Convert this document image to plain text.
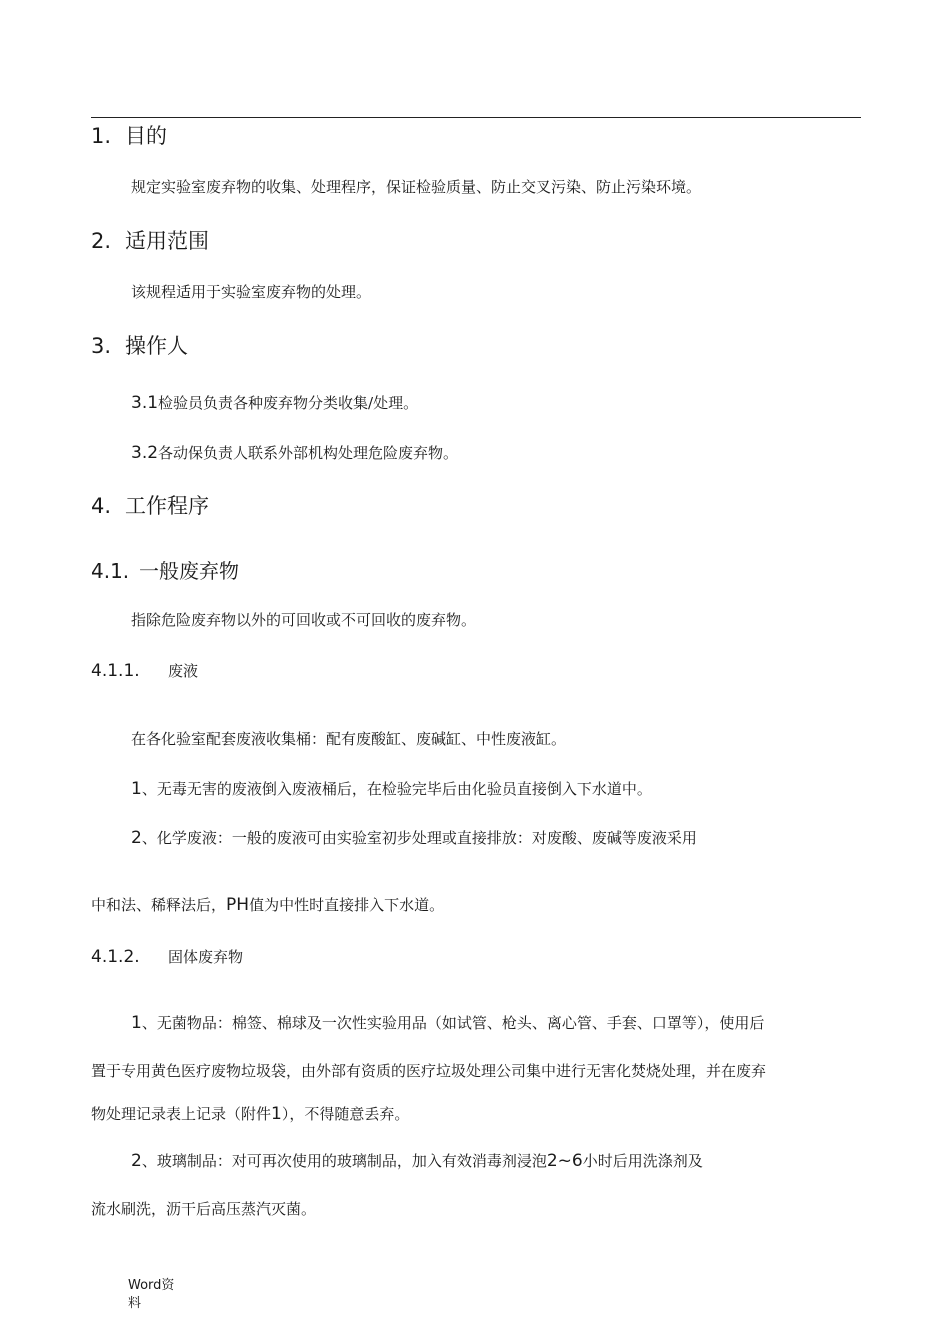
1. 目的
规定实验室废弃物的收集、处理程序，保证检验质量、防止交叉污染、防止污染环境。
2. 适用范围
该规程适用于实验室废弃物的处理。
3. 操作人
3.1检验员负责各种废弃物分类收集/处理。
3.2各动保负责人联系外部机构处理危险废弃物。
4. 工作程序
4.1. 一般废弃物
指除危险废弃物以外的可回收或不可回收的废弃物。
4.1.1. 废液
在各化验室配套废液收集桶：配有废酸缸、废碱缸、中性废液缸。
1、无毒无害的废液倒入废液桶后，在检验完毕后由化验员直接倒入下水道中。
2、化学废液：一般的废液可由实验室初步处理或直接排放：对废酸、废碱等废液采用
中和法、稀释法后，PH值为中性时直接排入下水道。
4.1.2. 固体废弃物
1、无菌物品：棉签、棉球及一次性实验用品（如试管、枪头、离心管、手套、口罩等），使用后
置于专用黄色医疗废物垃圾袋，由外部有资质的医疗垃圾处理公司集中进行无害化焚烧处理，并在废弃
物处理记录表上记录（附件1），不得随意丢弃。
2、玻璃制品：对可再次使用的玻璃制品，加入有效消毒剂浸泡2~6小时后用洗涤剂及
流水刷洗，沥干后高压蒸汽灭菌。
Word资
料
